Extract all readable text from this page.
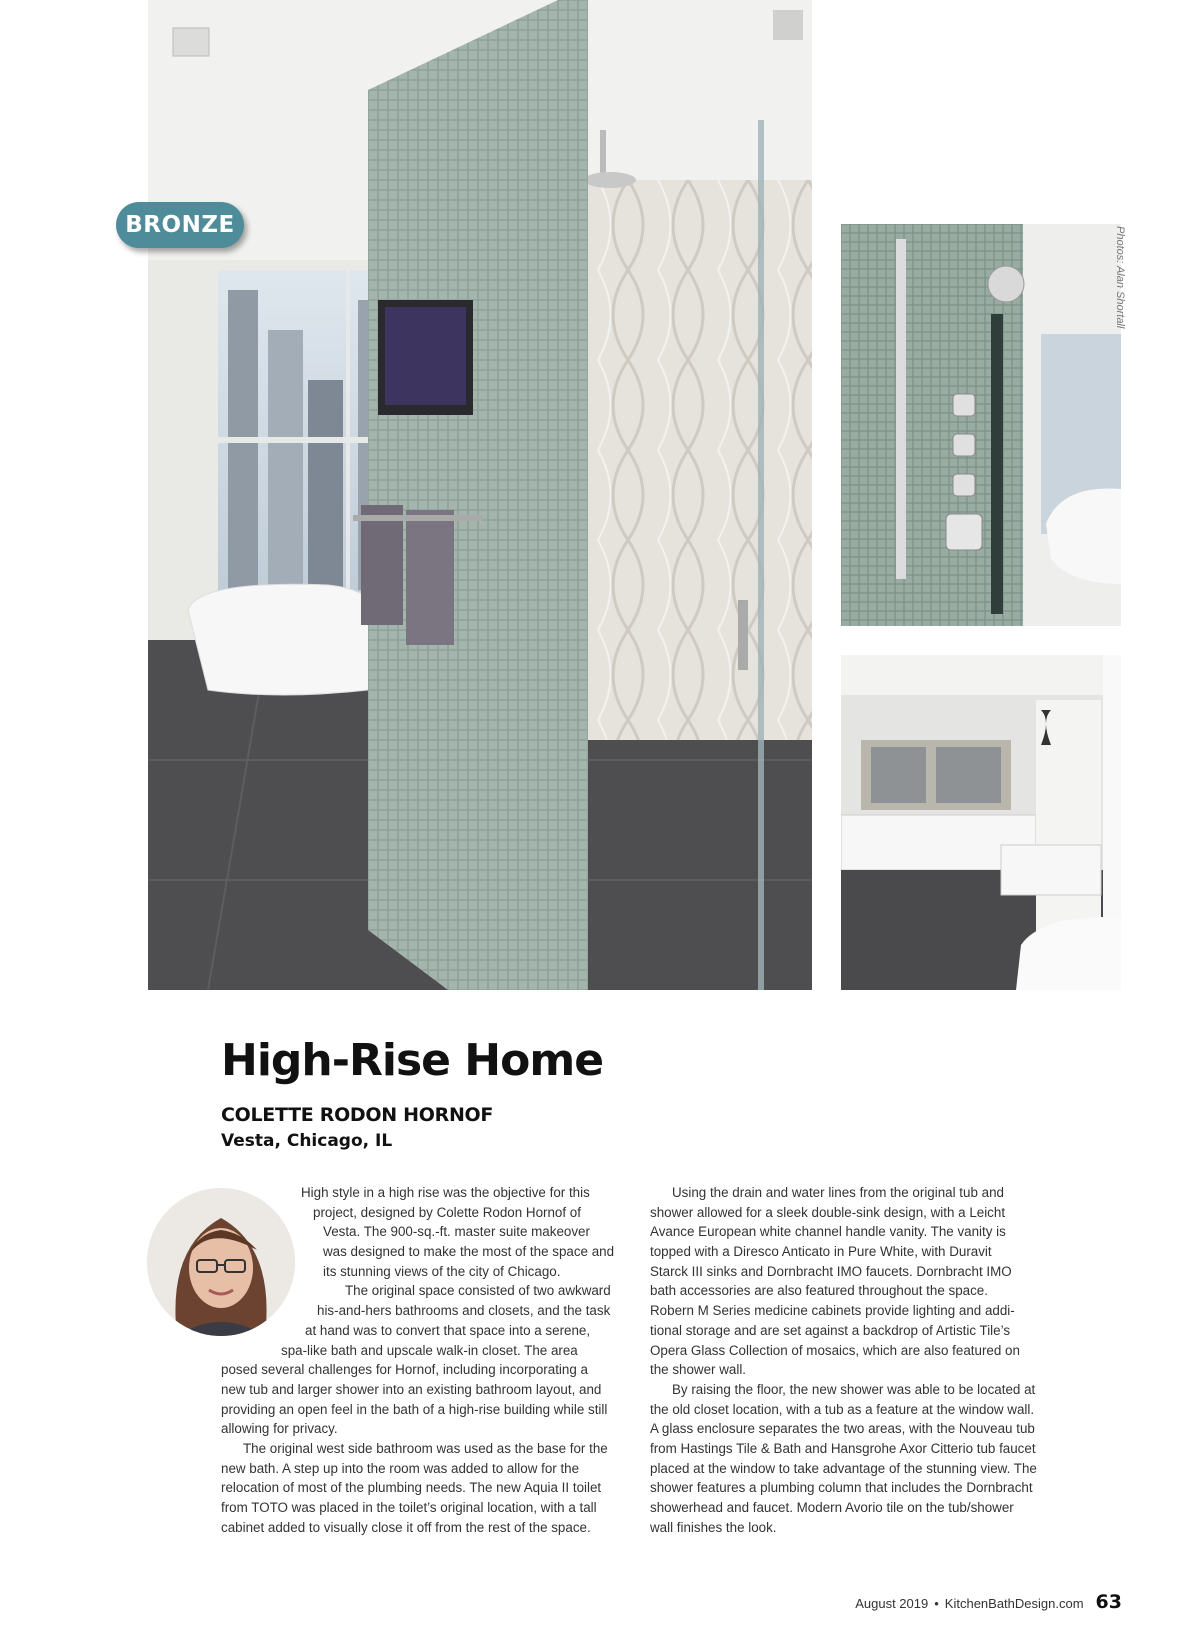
BRONZE
Photos: Alan Shortall
High-Rise Home
COLETTE RODON HORNOF
Vesta, Chicago, IL
High style in a high rise was the objective for this
project, designed by Colette Rodon Hornof of
Vesta. The 900-sq.-ft. master suite makeover
was designed to make the most of the space and
its stunning views of the city of Chicago.
The original space consisted of two awkward
his-and-hers bathrooms and closets, and the task
at hand was to convert that space into a serene,
spa-like bath and upscale walk-in closet. The area
posed several challenges for Hornof, including incorporating a
new tub and larger shower into an existing bathroom layout, and
providing an open feel in the bath of a high-rise building while still
allowing for privacy.
The original west side bathroom was used as the base for the
new bath. A step up into the room was added to allow for the
relocation of most of the plumbing needs. The new Aquia II toilet
from TOTO was placed in the toilet’s original location, with a tall
cabinet added to visually close it off from the rest of the space.
Using the drain and water lines from the original tub and
shower allowed for a sleek double-sink design, with a Leicht
Avance European white channel handle vanity. The vanity is
topped with a Diresco Anticato in Pure White, with Duravit
Starck III sinks and Dornbracht IMO faucets. Dornbracht IMO
bath accessories are also featured throughout the space.
Robern M Series medicine cabinets provide lighting and addi-
tional storage and are set against a backdrop of Artistic Tile’s
Opera Glass Collection of mosaics, which are also featured on
the shower wall.
By raising the floor, the new shower was able to be located at
the old closet location, with a tub as a feature at the window wall.
A glass enclosure separates the two areas, with the Nouveau tub
from Hastings Tile & Bath and Hansgrohe Axor Citterio tub faucet
placed at the window to take advantage of the stunning view. The
shower features a plumbing column that includes the Dornbracht
showerhead and faucet. Modern Avorio tile on the tub/shower
wall finishes the look.
August 2019 • KitchenBathDesign.com 63
